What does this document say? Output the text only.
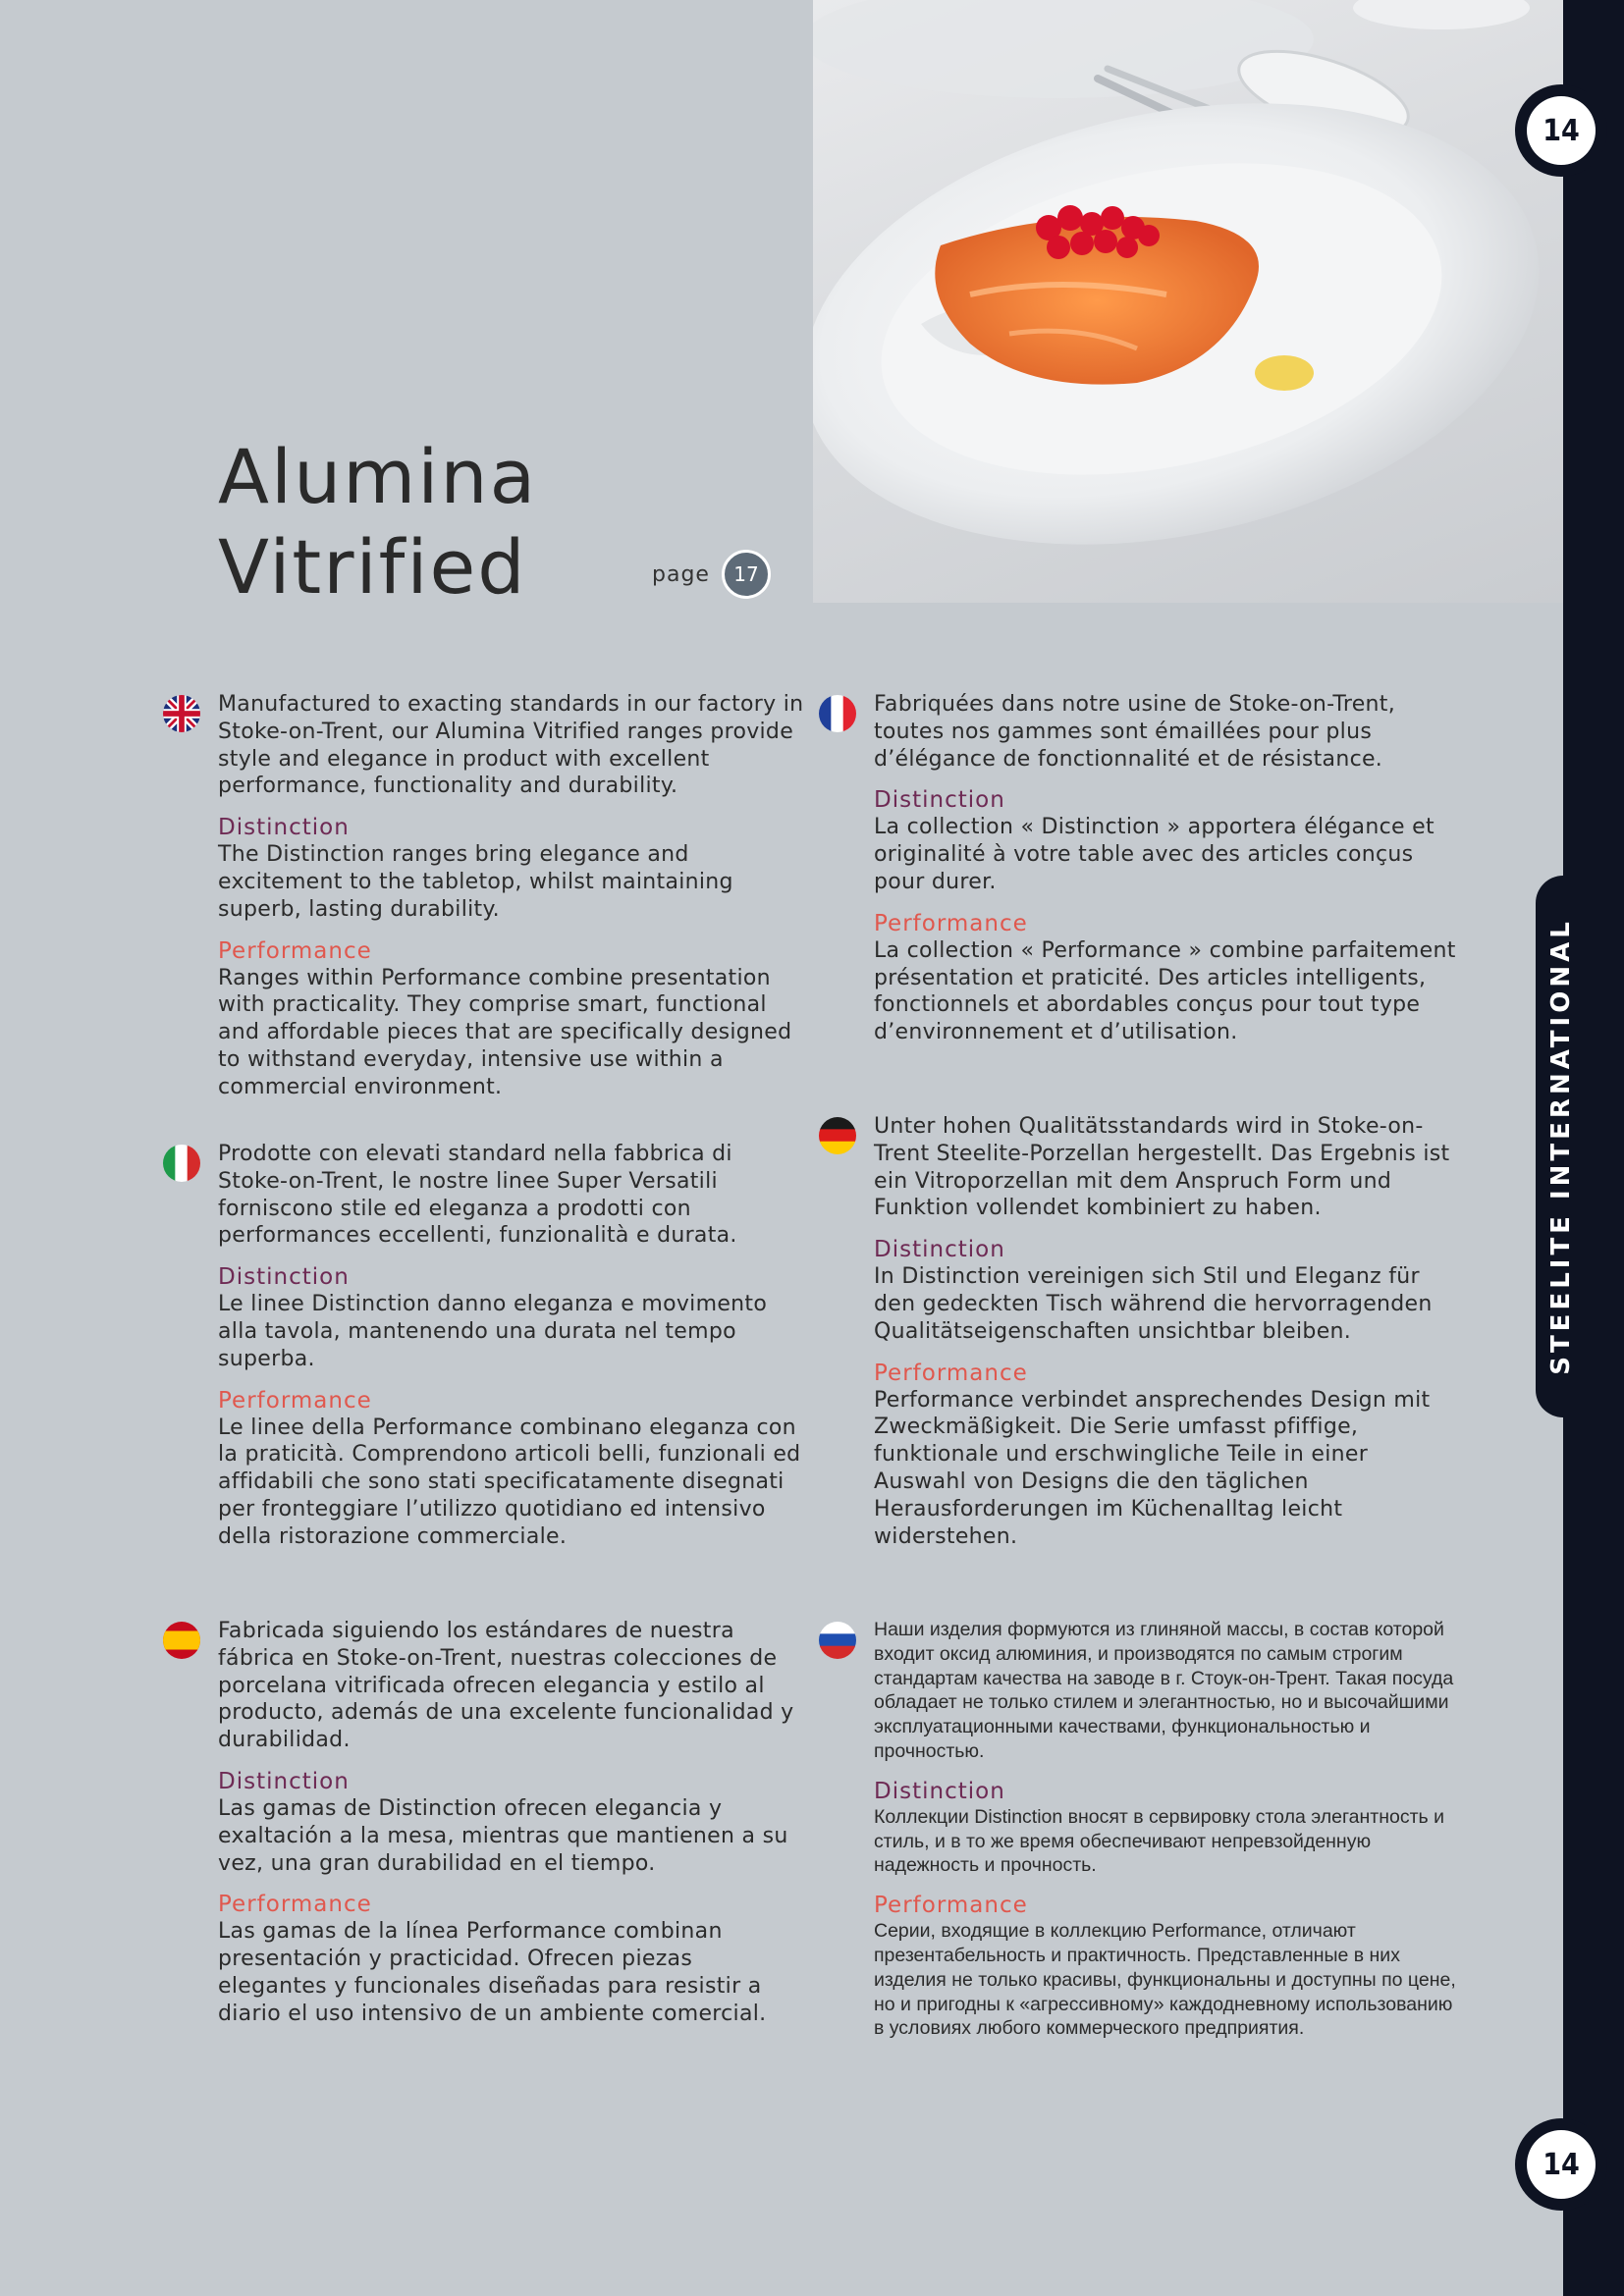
STEELITE INTERNATIONAL
14
14
Alumina
Vitrified	page	17

Manufactured to exacting standards in our factory in Stoke-on-Trent, our Alumina Vitrified ranges provide style and elegance in product with excellent performance, functionality and durability.

Distinction

The Distinction ranges bring elegance and excitement to the tabletop, whilst maintaining superb, lasting durability.

Performance

Ranges within Performance combine presentation with practicality. They comprise smart, functional and affordable pieces that are specifically designed to withstand everyday, intensive use within a commercial environment.

Prodotte con elevati standard nella fabbrica di Stoke-on-Trent, le nostre linee Super Versatili forniscono stile ed eleganza a prodotti con performances eccellenti, funzionalità e durata.

Distinction

Le linee Distinction danno eleganza e movimento alla tavola, mantenendo una durata nel tempo superba.

Performance

Le linee della Performance combinano eleganza con la praticità. Comprendono articoli belli, funzionali ed affidabili che sono stati specificatamente disegnati per fronteggiare l’utilizzo quotidiano ed intensivo della ristorazione commerciale.

Fabricada siguiendo los estándares de nuestra fábrica en Stoke-on-Trent, nuestras colecciones de porcelana vitrificada ofrecen elegancia y estilo al producto, además de una excelente funcionalidad y durabilidad.

Distinction

Las gamas de Distinction ofrecen elegancia y exaltación a la mesa, mientras que mantienen a su vez, una gran durabilidad en el tiempo.

Performance

Las gamas de la línea Performance combinan presentación y practicidad. Ofrecen piezas elegantes y funcionales diseñadas para resistir a diario el uso intensivo de un ambiente comercial.

Fabriquées dans notre usine de Stoke-on-Trent, toutes nos gammes sont émaillées pour plus d’élégance de fonctionnalité et de résistance.

Distinction

La collection « Distinction » apportera élégance et originalité à votre table avec des articles conçus pour durer.

Performance

La collection « Performance » combine parfaitement présentation et praticité. Des articles intelligents, fonctionnels et abordables conçus pour tout type d’environnement et d’utilisation.

Unter hohen Qualitätsstandards wird in Stoke-on-Trent Steelite-Porzellan hergestellt. Das Ergebnis ist ein Vitroporzellan mit dem Anspruch Form und Funktion vollendet kombiniert zu haben.

Distinction

In Distinction vereinigen sich Stil und Eleganz für den gedeckten Tisch während die hervorragenden Qualitätseigenschaften unsichtbar bleiben.

Performance

Performance verbindet ansprechendes Design mit Zweckmäßigkeit. Die Serie umfasst pfiffige, funktionale und erschwingliche Teile in einer Auswahl von Designs die den täglichen Herausforderungen im Küchenalltag leicht widerstehen.

Наши изделия формуются из глиняной массы, в состав которой входит оксид алюминия, и производятся по самым строгим стандартам качества на заводе в г. Стоук-он-Трент. Такая посуда обладает не только стилем и элегантностью, но и высочайшими эксплуатационными качествами, функциональностью и прочностью.

Distinction

Коллекции Distinction вносят в сервировку стола элегантность и стиль, и в то же время обеспечивают непревзойденную надежность и прочность.

Performance

Серии, входящие в коллекцию Performance, отличают презентабельность и практичность. Представленные в них изделия не только красивы, функциональны и доступны по цене, но и пригодны к «агрессивному» каждодневному использованию в условиях любого коммерческого предприятия.
